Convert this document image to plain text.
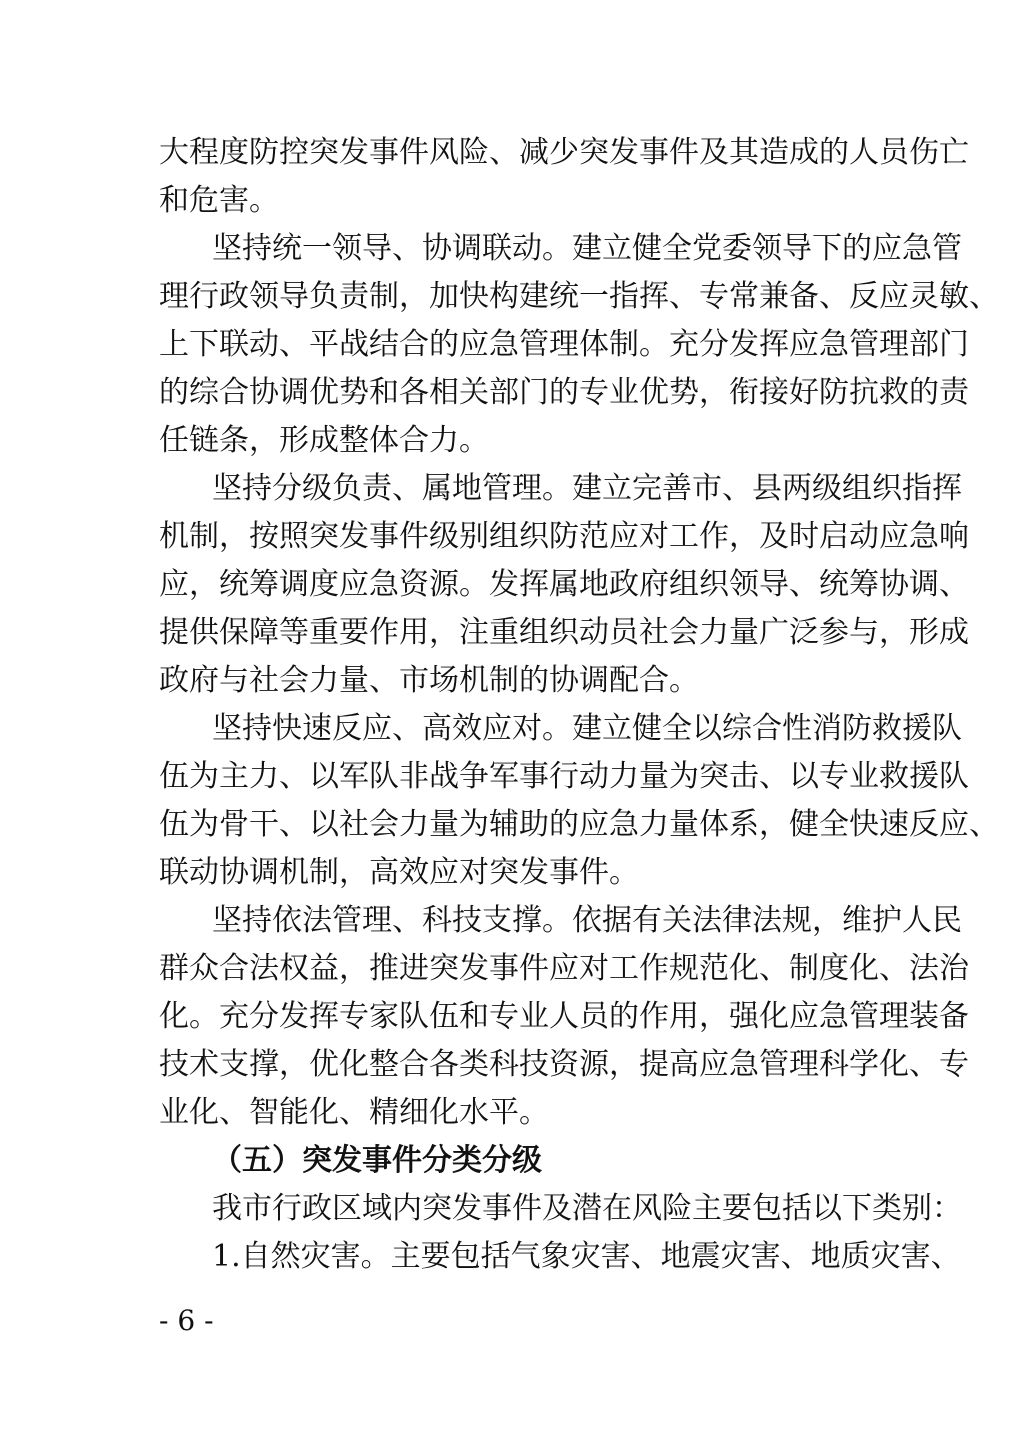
大程度防控突发事件风险、减少突发事件及其造成的人员伤亡
和危害。
坚持统一领导、协调联动。建立健全党委领导下的应急管
理行政领导负责制，加快构建统一指挥、专常兼备、反应灵敏、
上下联动、平战结合的应急管理体制。充分发挥应急管理部门
的综合协调优势和各相关部门的专业优势，衔接好防抗救的责
任链条，形成整体合力。
坚持分级负责、属地管理。建立完善市、县两级组织指挥
机制，按照突发事件级别组织防范应对工作，及时启动应急响
应，统筹调度应急资源。发挥属地政府组织领导、统筹协调、
提供保障等重要作用，注重组织动员社会力量广泛参与，形成
政府与社会力量、市场机制的协调配合。
坚持快速反应、高效应对。建立健全以综合性消防救援队
伍为主力、以军队非战争军事行动力量为突击、以专业救援队
伍为骨干、以社会力量为辅助的应急力量体系，健全快速反应、
联动协调机制，高效应对突发事件。
坚持依法管理、科技支撑。依据有关法律法规，维护人民
群众合法权益，推进突发事件应对工作规范化、制度化、法治
化。充分发挥专家队伍和专业人员的作用，强化应急管理装备
技术支撑，优化整合各类科技资源，提高应急管理科学化、专
业化、智能化、精细化水平。
（五）突发事件分类分级
我市行政区域内突发事件及潜在风险主要包括以下类别：
1.自然灾害。主要包括气象灾害、地震灾害、地质灾害、
- 6 -
